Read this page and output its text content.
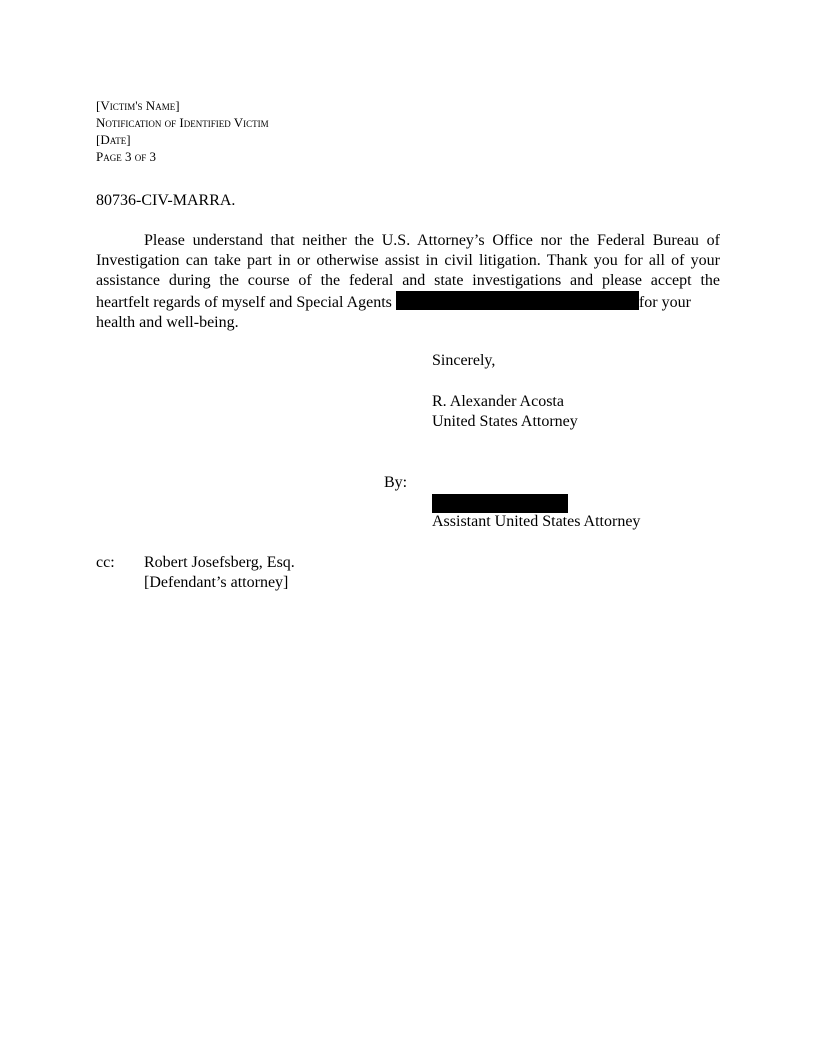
[Victim's Name]
Notification of Identified Victim
[Date]
Page 3 of 3
80736-CIV-MARRA.
Please understand that neither the U.S. Attorney’s Office nor the Federal Bureau of
Investigation can take part in or otherwise assist in civil litigation. Thank you for all of your
assistance during the course of the federal and state investigations and please accept the
heartfelt regards of myself and Special Agents	for your
health and well-being.
Sincerely,
R. Alexander Acosta
United States Attorney
By:
Assistant United States Attorney
cc: Robert Josefsberg, Esq.
[Defendant’s attorney]
